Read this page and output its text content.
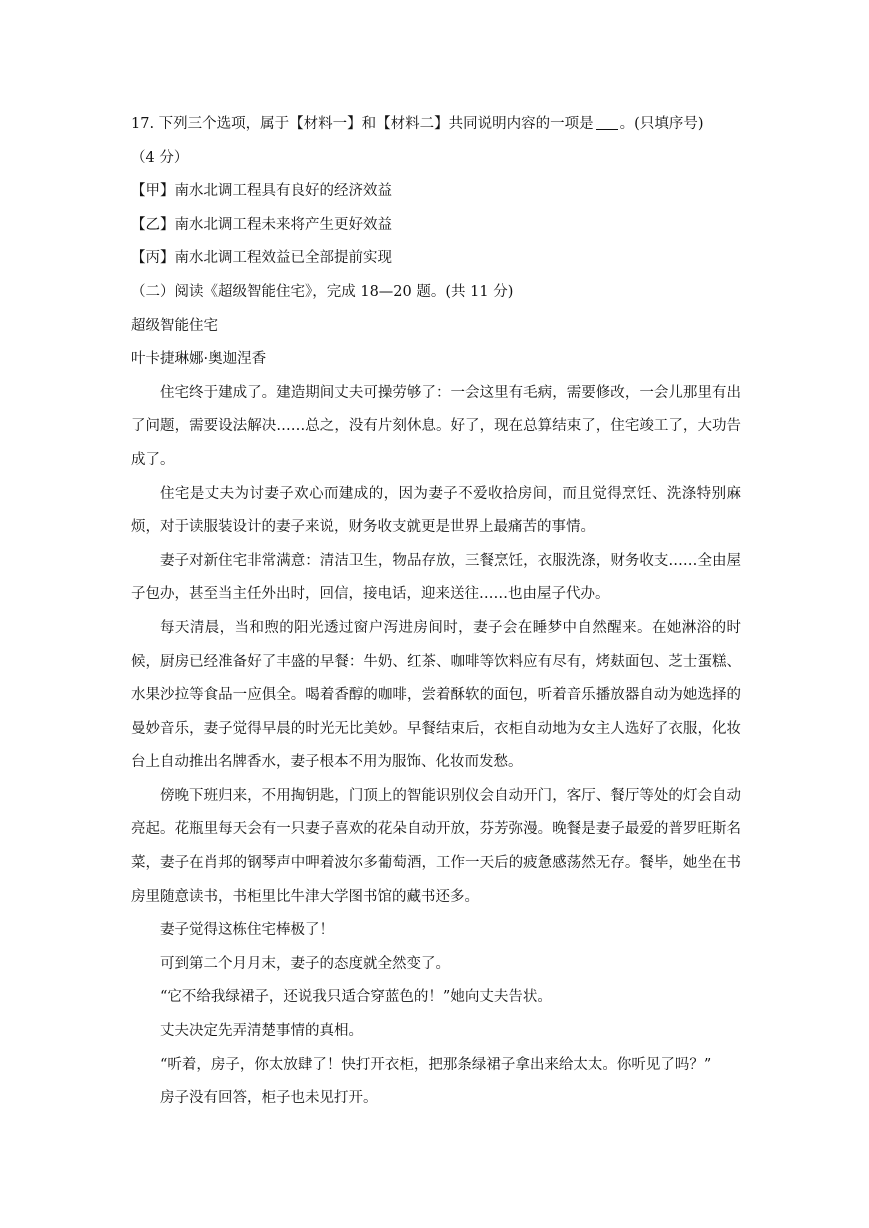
17. 下列三个选项，属于【材料一】和【材料二】共同说明内容的一项是 。(只填序号)
（4 分）
【甲】南水北调工程具有良好的经济效益
【乙】南水北调工程未来将产生更好效益
【丙】南水北调工程效益已全部提前实现
（二）阅读《超级智能住宅》，完成 18—20 题。(共 11 分)
超级智能住宅
叶卡捷琳娜·奥迦涅香
住宅终于建成了。建造期间丈夫可操劳够了：一会这里有毛病，需要修改，一会儿那里有出了问题，需要设法解决……总之，没有片刻休息。好了，现在总算结束了，住宅竣工了，大功告成了。
住宅是丈夫为讨妻子欢心而建成的，因为妻子不爱收拾房间，而且觉得烹饪、洗涤特别麻烦，对于读服装设计的妻子来说，财务收支就更是世界上最痛苦的事情。
妻子对新住宅非常满意：清洁卫生，物品存放，三餐烹饪，衣服洗涤，财务收支……全由屋子包办，甚至当主任外出时，回信，接电话，迎来送往……也由屋子代办。
每天清晨，当和煦的阳光透过窗户泻进房间时，妻子会在睡梦中自然醒来。在她淋浴的时候，厨房已经准备好了丰盛的早餐：牛奶、红茶、咖啡等饮料应有尽有，烤麸面包、芝士蛋糕、水果沙拉等食品一应俱全。喝着香醇的咖啡，尝着酥软的面包，听着音乐播放器自动为她选择的曼妙音乐，妻子觉得早晨的时光无比美妙。早餐结束后，衣柜自动地为女主人选好了衣服，化妆台上自动推出名牌香水，妻子根本不用为服饰、化妆而发愁。
傍晚下班归来，不用掏钥匙，门顶上的智能识别仪会自动开门，客厅、餐厅等处的灯会自动亮起。花瓶里每天会有一只妻子喜欢的花朵自动开放，芬芳弥漫。晚餐是妻子最爱的普罗旺斯名菜，妻子在肖邦的钢琴声中呷着波尔多葡萄酒，工作一天后的疲惫感荡然无存。餐毕，她坐在书房里随意读书，书柜里比牛津大学图书馆的藏书还多。
妻子觉得这栋住宅棒极了！
可到第二个月月末，妻子的态度就全然变了。
“它不给我绿裙子，还说我只适合穿蓝色的！”她向丈夫告状。
丈夫决定先弄清楚事情的真相。
“听着，房子，你太放肆了！快打开衣柜，把那条绿裙子拿出来给太太。你听见了吗？”
房子没有回答，柜子也未见打开。
